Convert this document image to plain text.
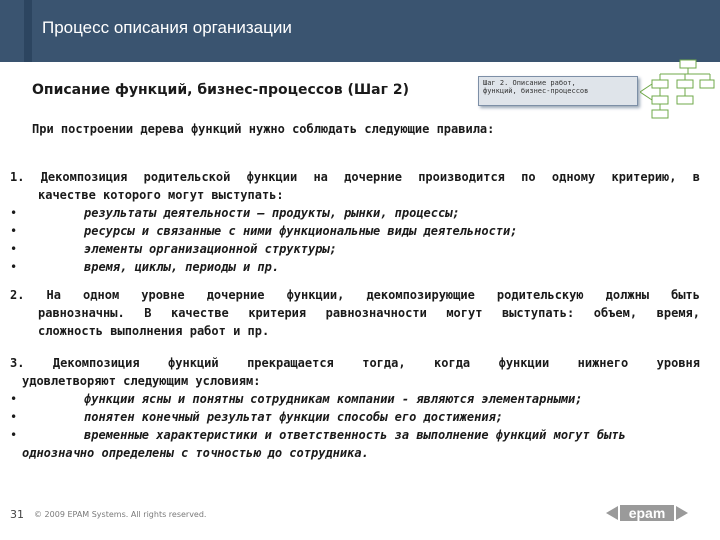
Процесс описания организации
Описание функций, бизнес-процессов (Шаг 2)	Шаг 2. Описание работ,
функций, бизнес-процессов
При построении дерева функций нужно соблюдать следующие правила:

1. Декомпозиция родительской функции на дочерние производится по одному критерию, в

качестве которого могут выступать:

•	результаты деятельности – продукты, рынки, процессы;
•	ресурсы и связанные с ними функциональные виды деятельности;
•	элементы организационной структуры;
•	время, циклы, периоды и пр.

2. На одном уровне дочерние функции, декомпозирующие родительскую должны быть

равнозначны. В качестве критерия равнозначности могут выступать: объем, время,

сложность выполнения работ и пр.

3. Декомпозиция функций прекращается тогда, когда функции нижнего уровня

удовлетворяют следующим условиям:

•	функции ясны и понятны сотрудникам компании - являются элементарными;
•	понятен конечный результат функции способы его достижения;
•	временные характеристики и ответственность за выполнение функций могут быть

однозначно определены с точностью до сотрудника.

31 © 2009 EPAM Systems. All rights reserved.	epam
